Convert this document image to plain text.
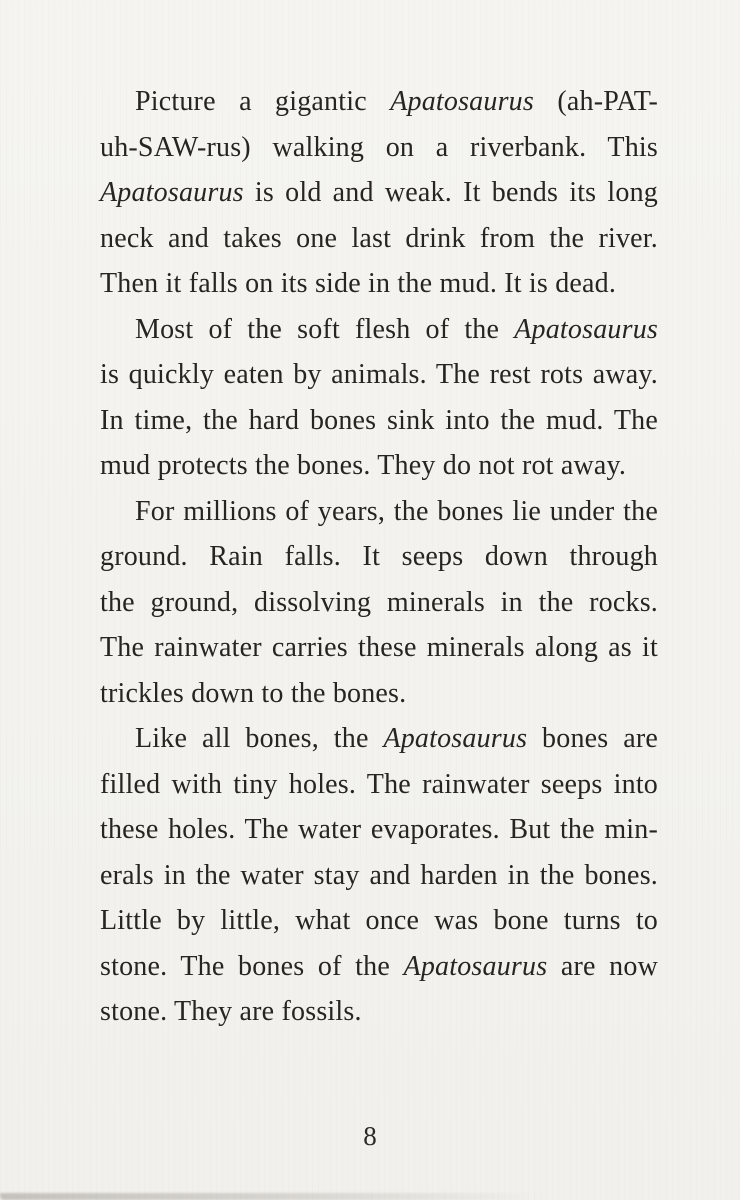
Picture a gigantic Apatosaurus (ah-PAT-
uh-SAW-rus) walking on a riverbank. This
Apatosaurus is old and weak. It bends its long
neck and takes one last drink from the river.
Then it falls on its side in the mud. It is dead.
Most of the soft flesh of the Apatosaurus
is quickly eaten by animals. The rest rots away.
In time, the hard bones sink into the mud. The
mud protects the bones. They do not rot away.
For millions of years, the bones lie under the
ground. Rain falls. It seeps down through
the ground, dissolving minerals in the rocks.
The rainwater carries these minerals along as it
trickles down to the bones.
Like all bones, the Apatosaurus bones are
filled with tiny holes. The rainwater seeps into
these holes. The water evaporates. But the min-
erals in the water stay and harden in the bones.
Little by little, what once was bone turns to
stone. The bones of the Apatosaurus are now
stone. They are fossils.
8
